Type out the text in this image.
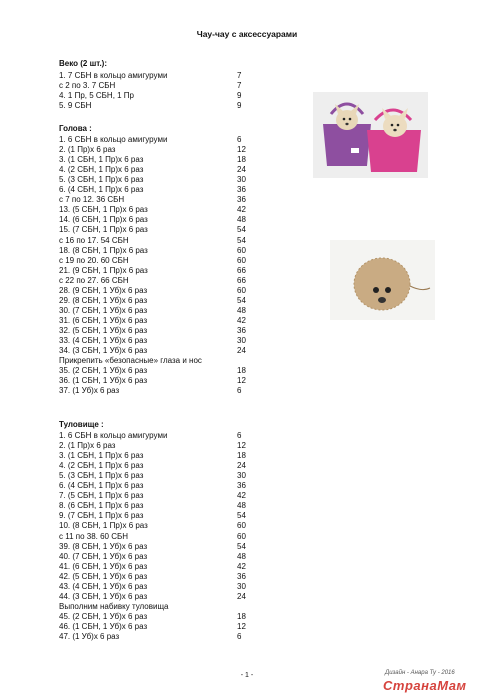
Чау-чау с аксессуарами
Веко (2 шт.):
1. 7 СБН в кольцо амигуруми	7
с 2 по 3. 7 СБН	7
4. 1 Пр, 5 СБН, 1 Пр	9
5. 9 СБН	9
Голова :
1. 6 СБН в кольцо амигуруми	6
2. (1 Пр)х 6 раз	12
3. (1 СБН, 1 Пр)х 6 раз	18
4. (2 СБН, 1 Пр)х 6 раз	24
5. (3 СБН, 1 Пр)х 6 раз	30
6. (4 СБН, 1 Пр)х 6 раз	36
с 7 по 12. 36 СБН	36
13. (5 СБН, 1 Пр)х 6 раз	42
14. (6 СБН, 1 Пр)х 6 раз	48
15. (7 СБН, 1 Пр)х 6 раз	54
с 16 по 17. 54 СБН	54
18. (8 СБН, 1 Пр)х 6 раз	60
с 19 по 20. 60 СБН	60
21. (9 СБН, 1 Пр)х 6 раз	66
с 22 по 27. 66 СБН	66
28. (9 СБН, 1 Уб)х 6 раз	60
29. (8 СБН, 1 Уб)х 6 раз	54
30. (7 СБН, 1 Уб)х 6 раз	48
31. (6 СБН, 1 Уб)х 6 раз	42
32. (5 СБН, 1 Уб)х 6 раз	36
33. (4 СБН, 1 Уб)х 6 раз	30
34. (3 СБН, 1 Уб)х 6 раз	24
Прикрепить «безопасные» глаза и нос
35. (2 СБН, 1 Уб)х 6 раз	18
36. (1 СБН, 1 Уб)х 6 раз	12
37. (1 Уб)х 6 раз	6
Туловище :
1. 6 СБН в кольцо амигуруми	6
2. (1 Пр)х 6 раз	12
3. (1 СБН, 1 Пр)х 6 раз	18
4. (2 СБН, 1 Пр)х 6 раз	24
5. (3 СБН, 1 Пр)х 6 раз	30
6. (4 СБН, 1 Пр)х 6 раз	36
7. (5 СБН, 1 Пр)х 6 раз	42
8. (6 СБН, 1 Пр)х 6 раз	48
9. (7 СБН, 1 Пр)х 6 раз	54
10. (8 СБН, 1 Пр)х 6 раз	60
с 11 по 38. 60 СБН	60
39. (8 СБН, 1 Уб)х 6 раз	54
40. (7 СБН, 1 Уб)х 6 раз	48
41. (6 СБН, 1 Уб)х 6 раз	42
42. (5 СБН, 1 Уб)х 6 раз	36
43. (4 СБН, 1 Уб)х 6 раз	30
44. (3 СБН, 1 Уб)х 6 раз	24
Выполним набивку туловища
45. (2 СБН, 1 Уб)х 6 раз	18
46. (1 СБН, 1 Уб)х 6 раз	12
47. (1 Уб)х 6 раз	6
- 1 -	Дизайн - Анара Ту - 2016
СтранаМам
